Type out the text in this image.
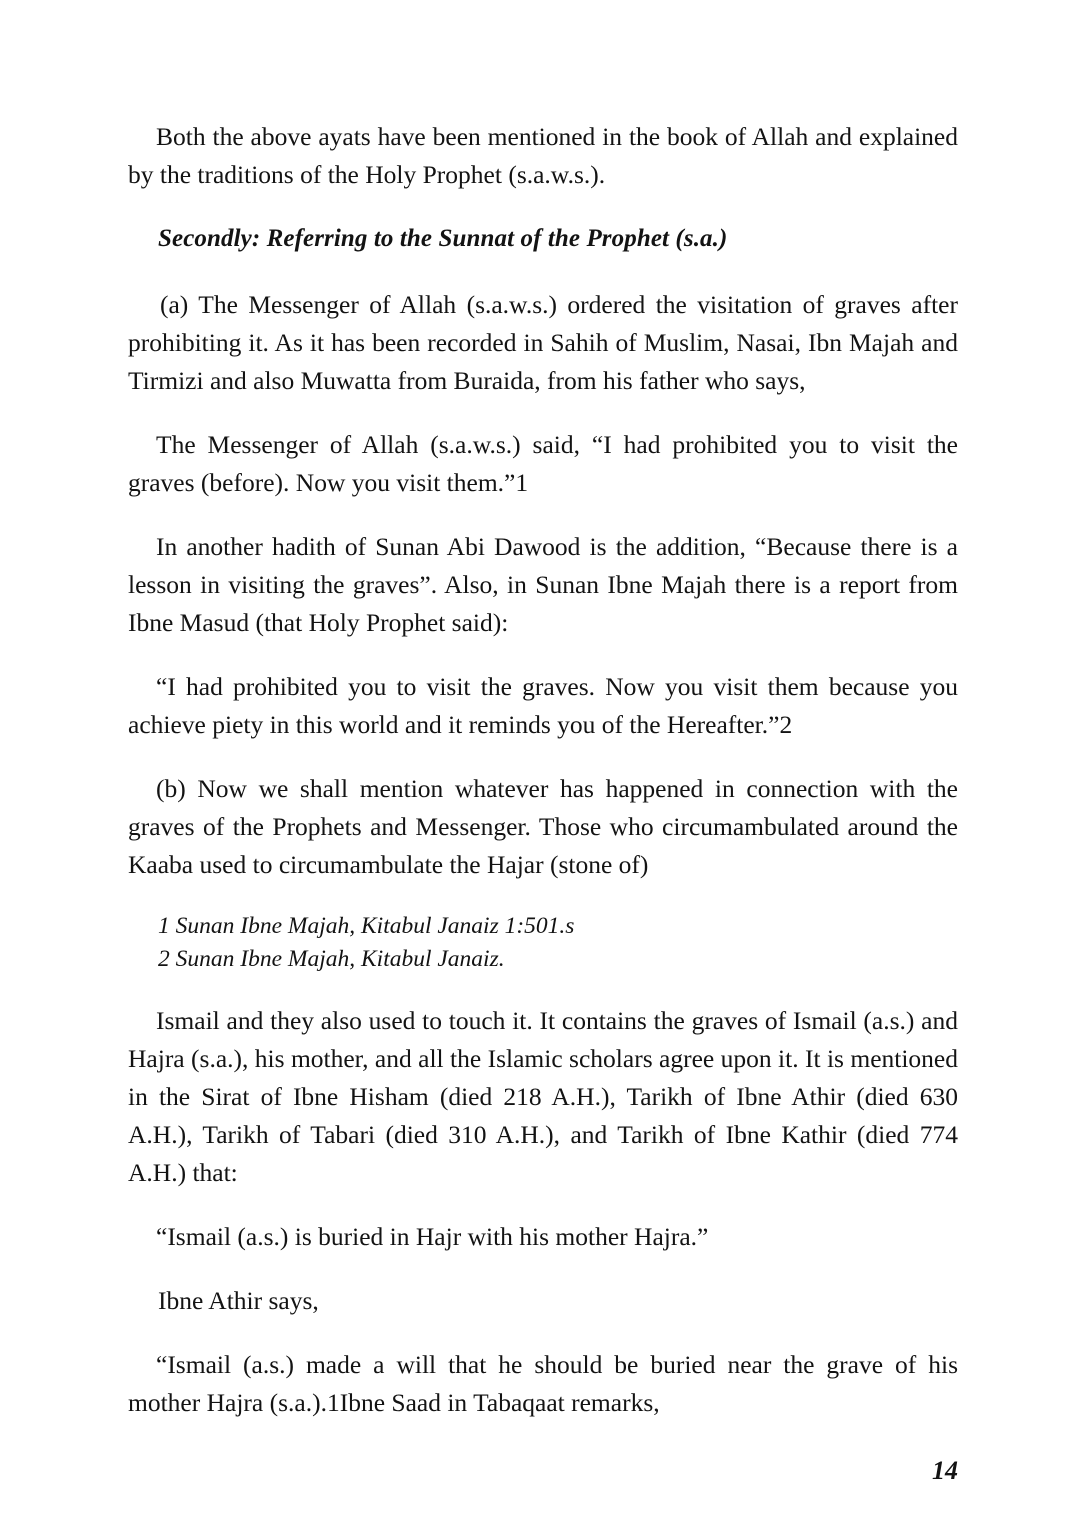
Both the above ayats have been mentioned in the book of Allah and explained by the traditions of the Holy Prophet (s.a.w.s.).

Secondly: Referring to the Sunnat of the Prophet (s.a.)

(a) The Messenger of Allah (s.a.w.s.) ordered the visitation of graves after prohibiting it. As it has been recorded in Sahih of Muslim, Nasai, Ibn Majah and Tirmizi and also Muwatta from Buraida, from his father who says,

The Messenger of Allah (s.a.w.s.) said, “I had prohibited you to visit the graves (before). Now you visit them.”1

In another hadith of Sunan Abi Dawood is the addition, “Because there is a lesson in visiting the graves”. Also, in Sunan Ibne Majah there is a report from Ibne Masud (that Holy Prophet said):

“I had prohibited you to visit the graves. Now you visit them because you achieve piety in this world and it reminds you of the Hereafter.”2

(b) Now we shall mention whatever has happened in connection with the graves of the Prophets and Messenger. Those who circumambulated around the Kaaba used to circumambulate the Hajar (stone of)

1 Sunan Ibne Majah, Kitabul Janaiz 1:501.s

2 Sunan Ibne Majah, Kitabul Janaiz.

Ismail and they also used to touch it. It contains the graves of Ismail (a.s.) and Hajra (s.a.), his mother, and all the Islamic scholars agree upon it. It is mentioned in the Sirat of Ibne Hisham (died 218 A.H.), Tarikh of Ibne Athir (died 630 A.H.), Tarikh of Tabari (died 310 A.H.), and Tarikh of Ibne Kathir (died 774 A.H.) that:

“Ismail (a.s.) is buried in Hajr with his mother Hajra.”

Ibne Athir says,

“Ismail (a.s.) made a will that he should be buried near the grave of his mother Hajra (s.a.).1Ibne Saad in Tabaqaat remarks,

14
